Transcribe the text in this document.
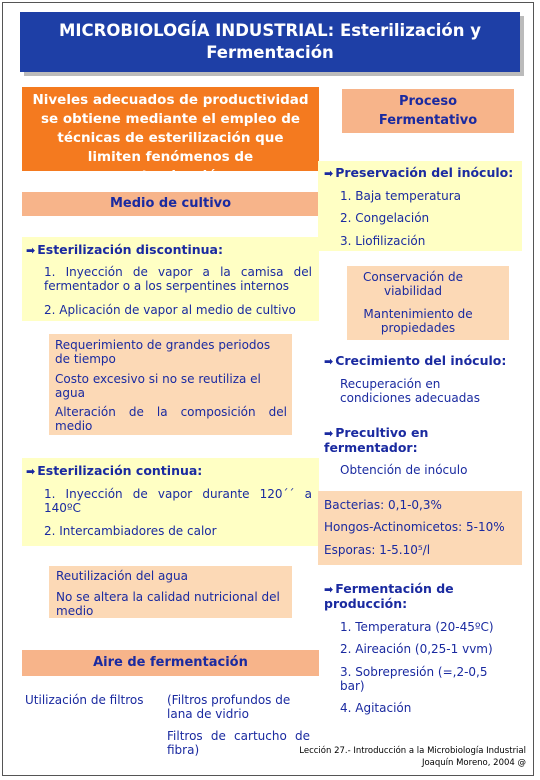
MICROBIOLOGÍA INDUSTRIAL: Esterilización y Fermentación
Niveles adecuados de productividad se obtiene mediante el empleo de técnicas de esterilización que limiten fenómenos de contaminación
Medio de cultivo
➡ Esterilización discontinua:
1. Inyección de vapor a la camisa del fermentador o a los serpentines internos
2. Aplicación de vapor al medio de cultivo
Requerimiento de grandes periodos de tiempo
Costo excesivo si no se reutiliza el agua
Alteración de la composición del medio
➡ Esterilización continua:
1. Inyección de vapor durante 120´´ a 140ºC
2. Intercambiadores de calor
Reutilización del agua
No se altera la calidad nutricional del medio
Aire de fermentación
Utilización de filtros (Filtros profundos de lana de vidrio
Filtros de cartucho de fibra)
Proceso Fermentativo
➡ Preservación del inóculo:
1. Baja temperatura
2. Congelación
3. Liofilización
Conservación de viabilidad
Mantenimiento de propiedades
➡ Crecimiento del inóculo:
Recuperación en condiciones adecuadas
➡ Precultivo en fermentador:
Obtención de inóculo
Bacterias: 0,1-0,3%
Hongos-Actinomicetos: 5-10%
Esporas: 1-5.10⁵/l
➡ Fermentación de producción:
1. Temperatura (20-45ºC)
2. Aireación (0,25-1 vvm)
3. Sobrepresión (=,2-0,5 bar)
4. Agitación
Lección 27.- Introducción a la Microbiología Industrial
Joaquín Moreno, 2004 @
